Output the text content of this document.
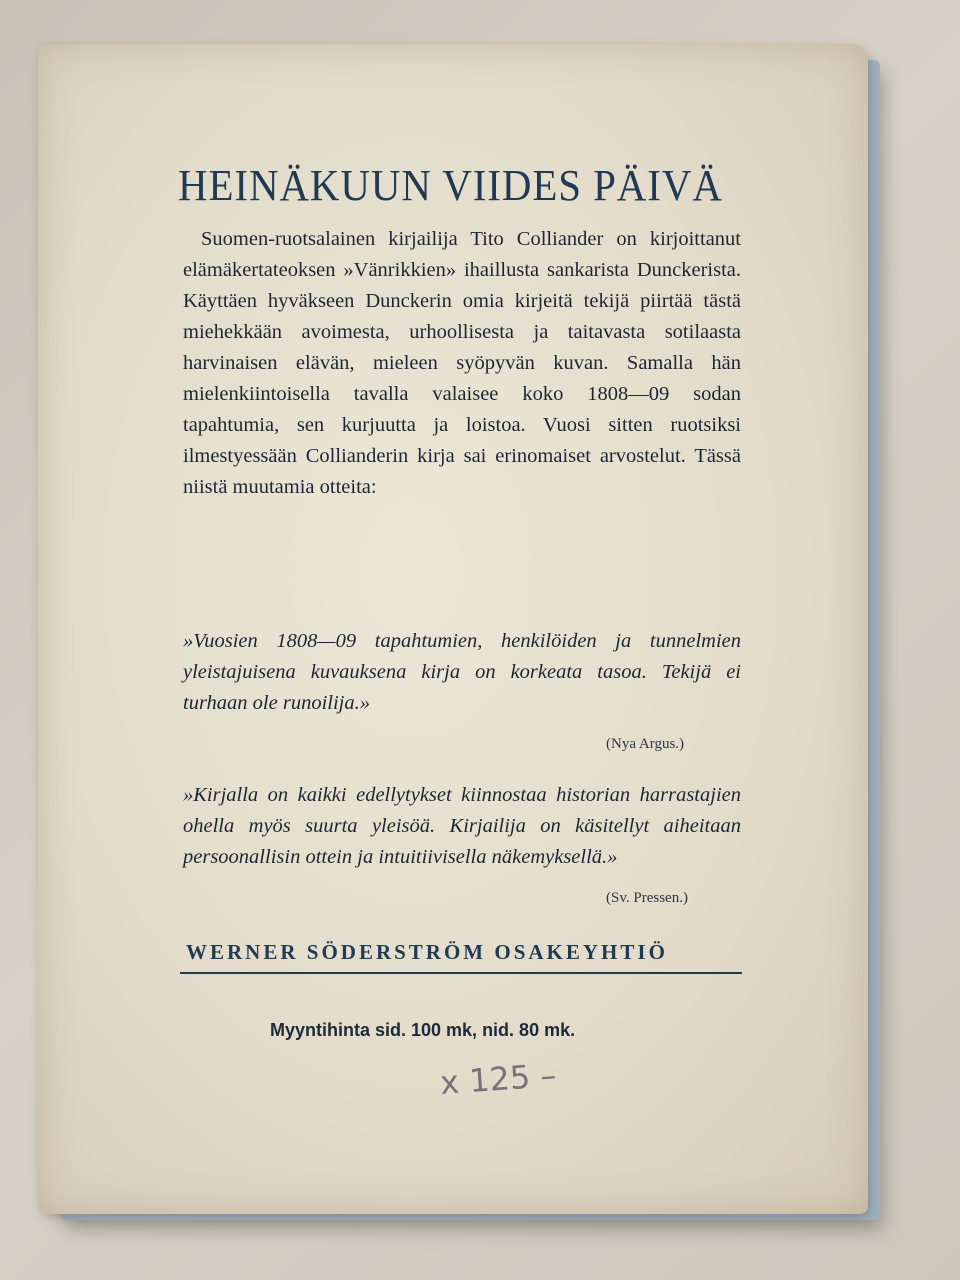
HEINÄKUUN VIIDES PÄIVÄ

Suomen-ruotsalainen kirjailija Tito Colliander on kirjoittanut elämäkertateoksen »Vänrikkien» ihaillusta sankarista Dunckerista. Käyttäen hyväkseen Dunckerin omia kirjeitä tekijä piirtää tästä miehekkään avoimesta, urhoollisesta ja taitavasta sotilaasta harvinaisen elävän, mieleen syöpyvän kuvan. Samalla hän mielenkiintoisella tavalla valaisee koko 1808—09 sodan tapahtumia, sen kurjuutta ja loistoa. Vuosi sitten ruotsiksi ilmestyessään Collianderin kirja sai erinomaiset arvostelut. Tässä niistä muutamia otteita:

»Vuosien 1808—09 tapahtumien, henkilöiden ja tunnelmien yleistajuisena kuvauksena kirja on korkeata tasoa. Tekijä ei turhaan ole runoilija.»
(Nya Argus.)
»Kirjalla on kaikki edellytykset kiinnostaa historian harrastajien ohella myös suurta yleisöä. Kirjailija on käsitellyt aiheitaan persoonallisin ottein ja intuitiivisella näkemyksellä.»
(Sv. Pressen.)
WERNER SÖDERSTRÖM OSAKEYHTIÖ
Myyntihinta sid. 100 mk, nid. 80 mk.
x 125 –
